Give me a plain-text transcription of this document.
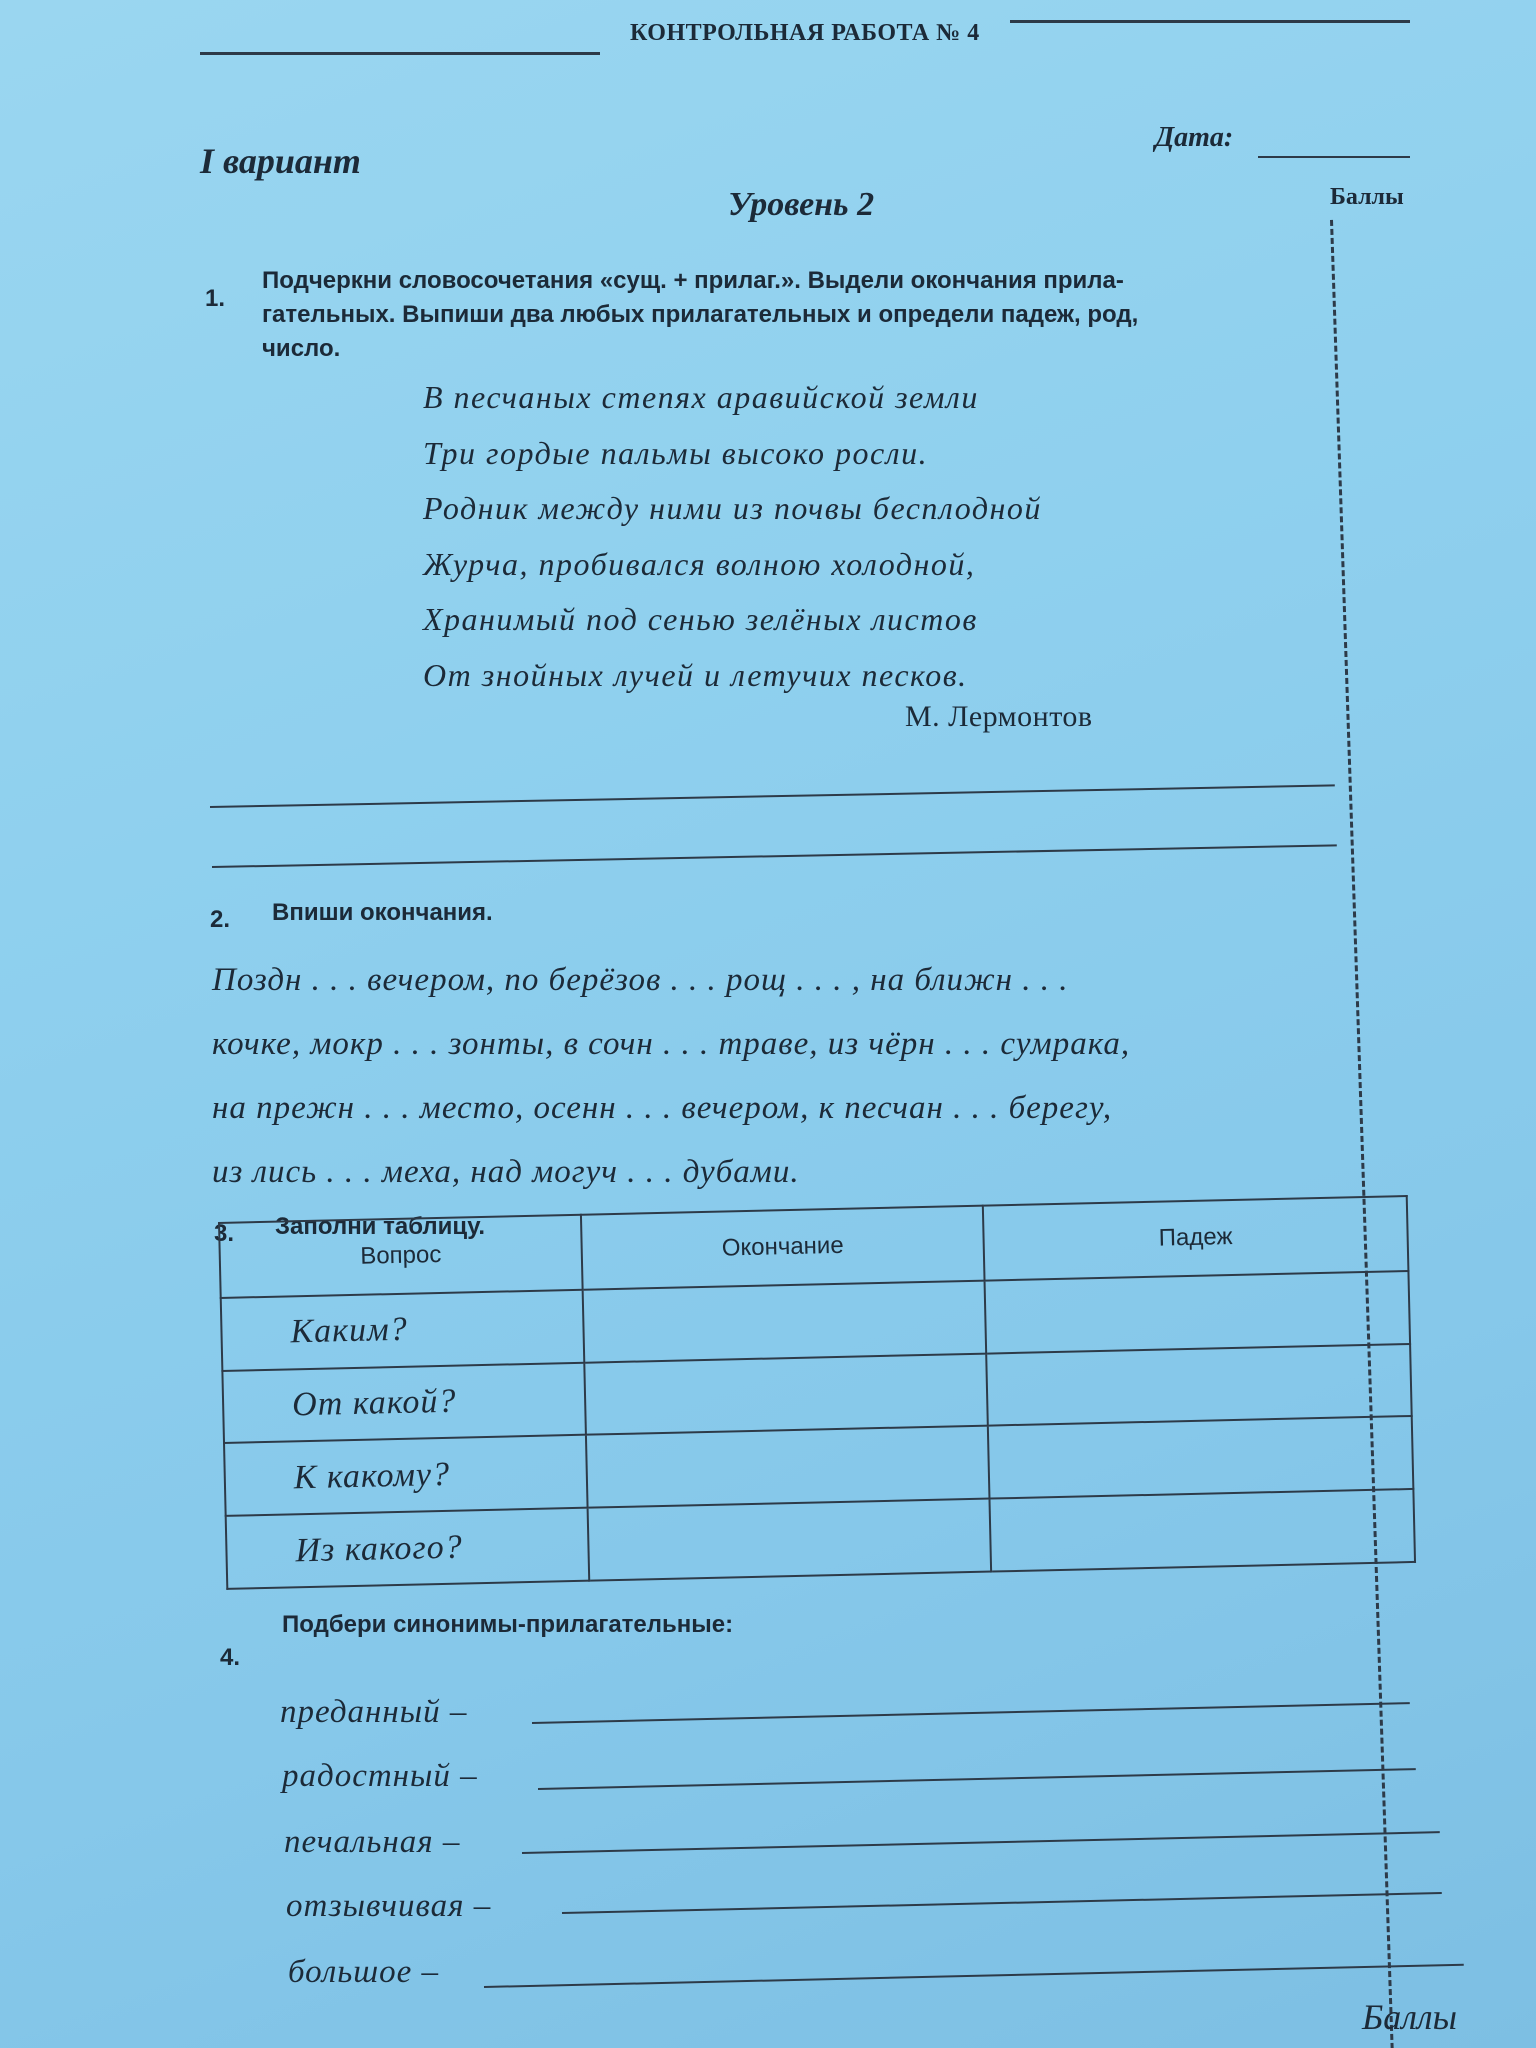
КОНТРОЛЬНАЯ РАБОТА № 4
I вариант
Дата:
Уровень 2	Баллы
1.
Подчеркни словосочетания «сущ. + прилаг.». Выдели окончания прила-
гательных. Выпиши два любых прилагательных и определи падеж, род,
число.
В песчаных степях аравийской земли
Три гордые пальмы высоко росли.
Родник между ними из почвы бесплодной
Журча, пробивался волною холодной,
Хранимый под сенью зелёных листов
От знойных лучей и летучих песков.
М. Лермонтов
2. Впиши окончания.
Поздн . . . вечером, по берёзов . . . рощ . . . , на ближн . . .
кочке, мокр . . . зонты, в сочн . . . траве, из чёрн . . . сумрака,
на прежн . . . место, осенн . . . вечером, к песчан . . . берегу,
из лись . . . меха, над могуч . . . дубами.
3. Заполни таблицу.
Вопрос	Окончание	Падеж
Каким?		
От какой?		
К какому?		
Из какого?		
4.
Подбери синонимы-прилагательные:
преданный –
радостный –
печальная –
отзывчивая –
большое –
Баллы
